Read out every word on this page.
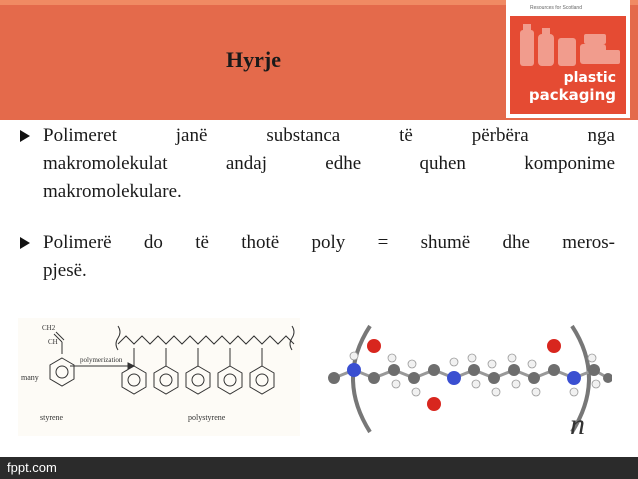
Resources for Scotland
plastic
packaging
Hyrje
Polimeret janë substanca të përbëra nga
makromolekulat andaj edhe quhen komponime
makromolekulare.
Polimerë do të thotë poly = shumë dhe meros-
pjesë.
CH2
CH
many
polymerization
styrene	polystyrene	n
fppt.com
